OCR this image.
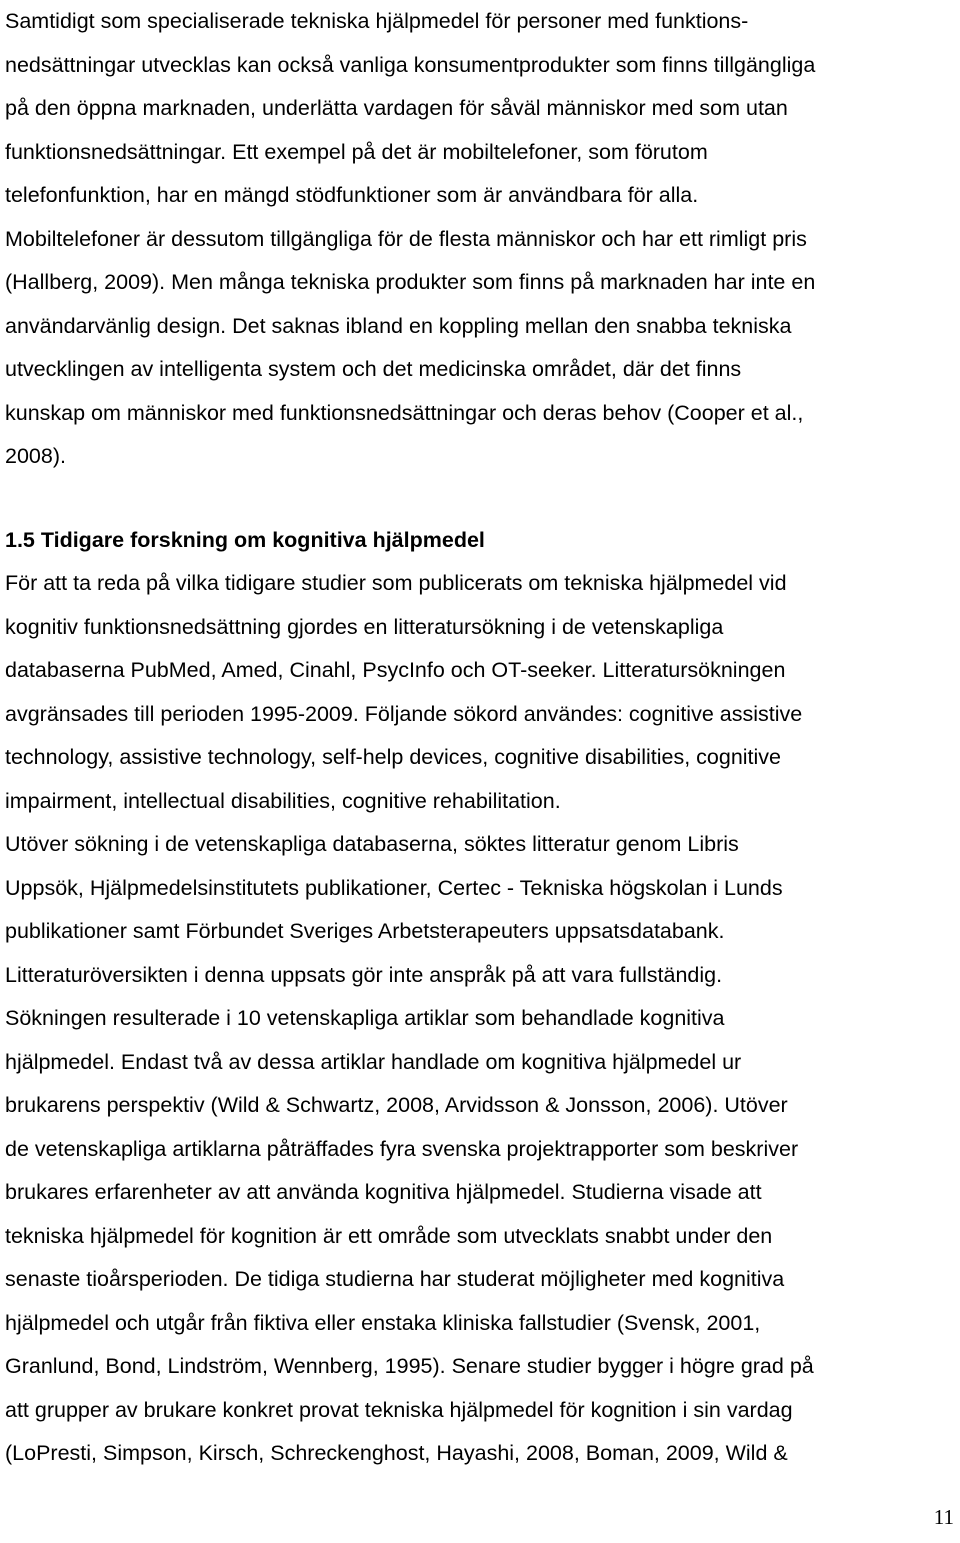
Samtidigt som specialiserade tekniska hjälpmedel för personer med funktions-
nedsättningar utvecklas kan också vanliga konsumentprodukter som finns tillgängliga
på den öppna marknaden, underlätta vardagen för såväl människor med som utan
funktionsnedsättningar. Ett exempel på det är mobiltelefoner, som förutom
telefonfunktion, har en mängd stödfunktioner som är användbara för alla.
Mobiltelefoner är dessutom tillgängliga för de flesta människor och har ett rimligt pris
(Hallberg, 2009). Men många tekniska produkter som finns på marknaden har inte en
användarvänlig design. Det saknas ibland en koppling mellan den snabba tekniska
utvecklingen av intelligenta system och det medicinska området, där det finns
kunskap om människor med funktionsnedsättningar och deras behov (Cooper et al.,
2008).
1.5 Tidigare forskning om kognitiva hjälpmedel
För att ta reda på vilka tidigare studier som publicerats om tekniska hjälpmedel vid
kognitiv funktionsnedsättning gjordes en litteratursökning i de vetenskapliga
databaserna PubMed, Amed, Cinahl, PsycInfo och OT-seeker. Litteratursökningen
avgränsades till perioden 1995-2009. Följande sökord användes: cognitive assistive
technology, assistive technology, self-help devices, cognitive disabilities, cognitive
impairment, intellectual disabilities, cognitive rehabilitation.
Utöver sökning i de vetenskapliga databaserna, söktes litteratur genom Libris
Uppsök, Hjälpmedelsinstitutets publikationer, Certec - Tekniska högskolan i Lunds
publikationer samt Förbundet Sveriges Arbetsterapeuters uppsatsdatabank.
Litteraturöversikten i denna uppsats gör inte anspråk på att vara fullständig.
Sökningen resulterade i 10 vetenskapliga artiklar som behandlade kognitiva
hjälpmedel. Endast två av dessa artiklar handlade om kognitiva hjälpmedel ur
brukarens perspektiv (Wild & Schwartz, 2008, Arvidsson & Jonsson, 2006). Utöver
de vetenskapliga artiklarna påträffades fyra svenska projektrapporter som beskriver
brukares erfarenheter av att använda kognitiva hjälpmedel. Studierna visade att
tekniska hjälpmedel för kognition är ett område som utvecklats snabbt under den
senaste tioårsperioden. De tidiga studierna har studerat möjligheter med kognitiva
hjälpmedel och utgår från fiktiva eller enstaka kliniska fallstudier (Svensk, 2001,
Granlund, Bond, Lindström, Wennberg, 1995). Senare studier bygger i högre grad på
att grupper av brukare konkret provat tekniska hjälpmedel för kognition i sin vardag
(LoPresti, Simpson, Kirsch, Schreckenghost, Hayashi, 2008, Boman, 2009, Wild &
11
